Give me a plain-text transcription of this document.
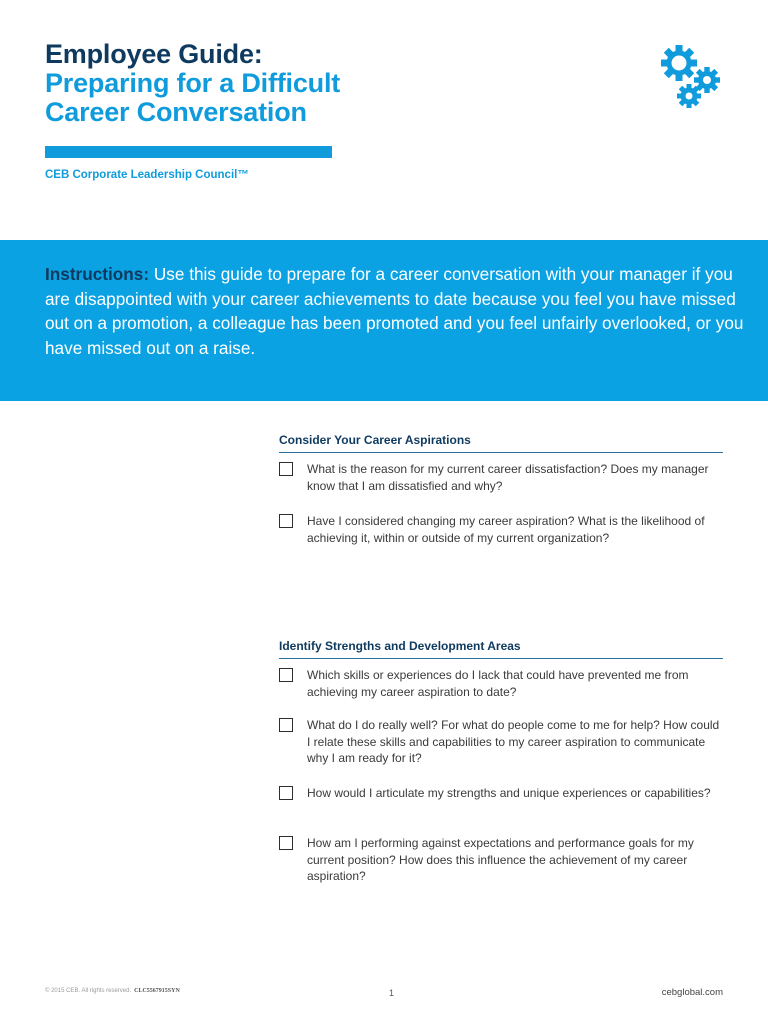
Employee Guide:
Preparing for a Difficult
Career Conversation
CEB Corporate Leadership Council™
Instructions: Use this guide to prepare for a career conversation with your manager if you are disappointed with your career achievements to date because you feel you have missed out on a promotion, a colleague has been promoted and you feel unfairly overlooked, or you have missed out on a raise.
Consider Your Career Aspirations
What is the reason for my current career dissatisfaction? Does my manager know that I am dissatisfied and why?
Have I considered changing my career aspiration? What is the likelihood of achieving it, within or outside of my current organization?
Identify Strengths and Development Areas
Which skills or experiences do I lack that could have prevented me from achieving my career aspiration to date?
What do I do really well? For what do people come to me for help? How could I relate these skills and capabilities to my career aspiration to communicate why I am ready for it?
How would I articulate my strengths and unique experiences or capabilities?
How am I performing against expectations and performance goals for my current position? How does this influence the achievement of my career aspiration?
© 2015 CEB. All rights reserved. CLC5567915SYN	1	cebglobal.com
